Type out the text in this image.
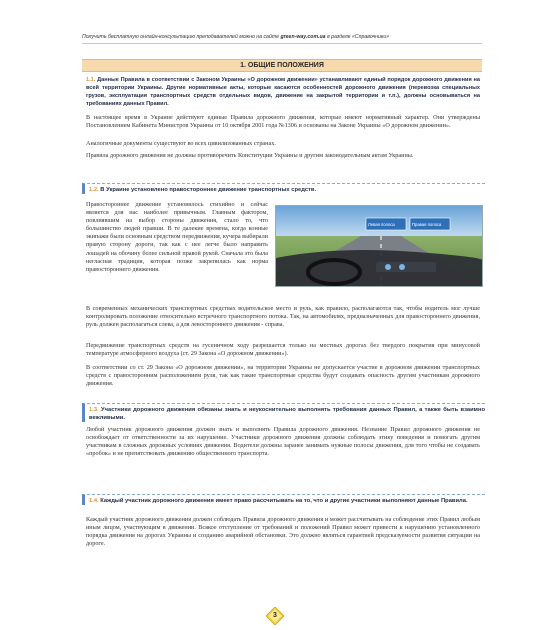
Получить бесплатную онлайн-консультацию преподавателей можно на сайте green-way.com.ua в разделе «Справочники»
1. ОБЩИЕ ПОЛОЖЕНИЯ
1.1. Данные Правила в соответствии с Законом Украины «О дорожном движении» устанавливают единый порядок дорожного движения на всей территории Украины. Другие нормативные акты, которые касаются особенностей дорожного движения (перевозка специальных грузов, эксплуатация транспортных средств отдельных видов, движение на закрытой территории и т.п.), должны основываться на требованиях данных Правил.
В настоящее время в Украине действуют единые Правила дорожного движения, которые имеют нормативный характер. Они утверждены Постановлением Кабинета Министров Украины от 10 октября 2001 года №1306 и основаны на Законе Украины «О дорожном движении».
Аналогичные документы существуют во всех цивилизованных странах.
Правила дорожного движения не должны противоречить Конституции Украины и другим законодательным актам Украины.
1.2. В Украине установлено правостороннее движение транспортных средств.
Правостороннее движение установилось стихийно и сейчас является для нас наиболее привычным. Главным фактором, повлиявшим на выбор стороны движения, стало то, что большинство людей правши. В те далекие времена, когда конные экипажи были основным средством передвижения, кучера выбирали правую сторону дороги, так как с нее легче было направить лошадей на обочину более сильной правой рукой. Сначала это была негласная традиция, которая позже закрепилась как норма правостороннего движения.
Левая полоса	Правая полоса
В современных механических транспортных средствах водительское место и руль, как правило, располагаются так, чтобы водитель мог лучше контролировать положение относительно встречного транспортного потока. Так, на автомобилях, предназначенных для правостороннего движения, руль должен располагаться слева, а для левостороннего движения - справа.
Передвижение транспортных средств на гусеничном ходу разрешается только на местных дорогах без твердого покрытия при минусовой температуре атмосферного воздуха (ст. 29 Закона «О дорожном движении»).
В соответствии со ст. 29 Закона «О дорожном движении», на территории Украины не допускается участие в дорожном движении транспортных средств с правосторонним расположением руля, так как такие транспортные средства будут создавать опасность другим участникам дорожного движения.
1.3. Участники дорожного движения обязаны знать и неукоснительно выполнять требования данных Правил, а также быть взаимно вежливыми.
Любой участник дорожного движения должен знать и выполнять Правила дорожного движения. Незнание Правил дорожного движения не освобождает от ответственности за их нарушение. Участники дорожного движения должны соблюдать этику поведения и помогать другим участникам в сложных дорожных условиях движения. Водители должны заранее занимать нужные полосы движения, для того чтобы не создавать «пробок» и не препятствовать движению общественного транспорта.
1.4. Каждый участник дорожного движения имеет право рассчитывать на то, что и другие участники выполняют данные Правила.
Каждый участник дорожного движения должен соблюдать Правила дорожного движения и может рассчитывать на соблюдение этих Правил любым иным лицом, участвующим в движении. Всякое отступление от требований и положений Правил может привести к нарушению установленного порядка движения на дорогах Украины и созданию аварийной обстановки. Это должно являться гарантией предсказуемости развития ситуации на дороге.
3
